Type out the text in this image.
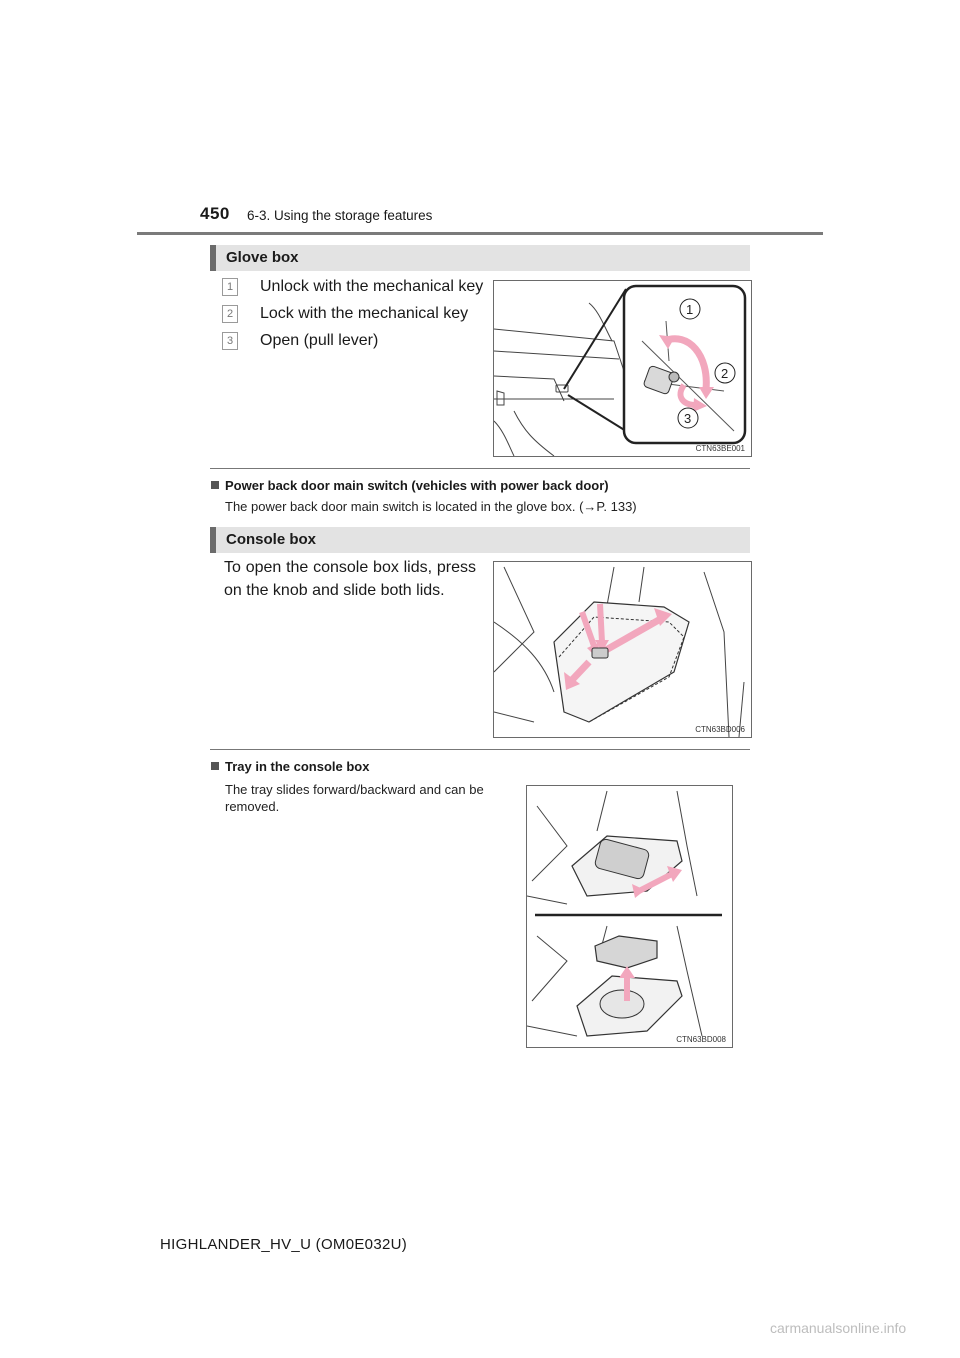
450 6-3. Using the storage features
Glove box
1 Unlock with the mechanical key
2 Lock with the mechanical key
3 Open (pull lever)
1
2
3
CTN63BE001
Power back door main switch (vehicles with power back door)
The power back door main switch is located in the glove box. (→P. 133)
Console box
To open the console box lids, press on the knob and slide both lids.
CTN63BD006
Tray in the console box
The tray slides forward/backward and can be removed.
CTN63BD008
HIGHLANDER_HV_U (OM0E032U)
carmanualsonline.info
